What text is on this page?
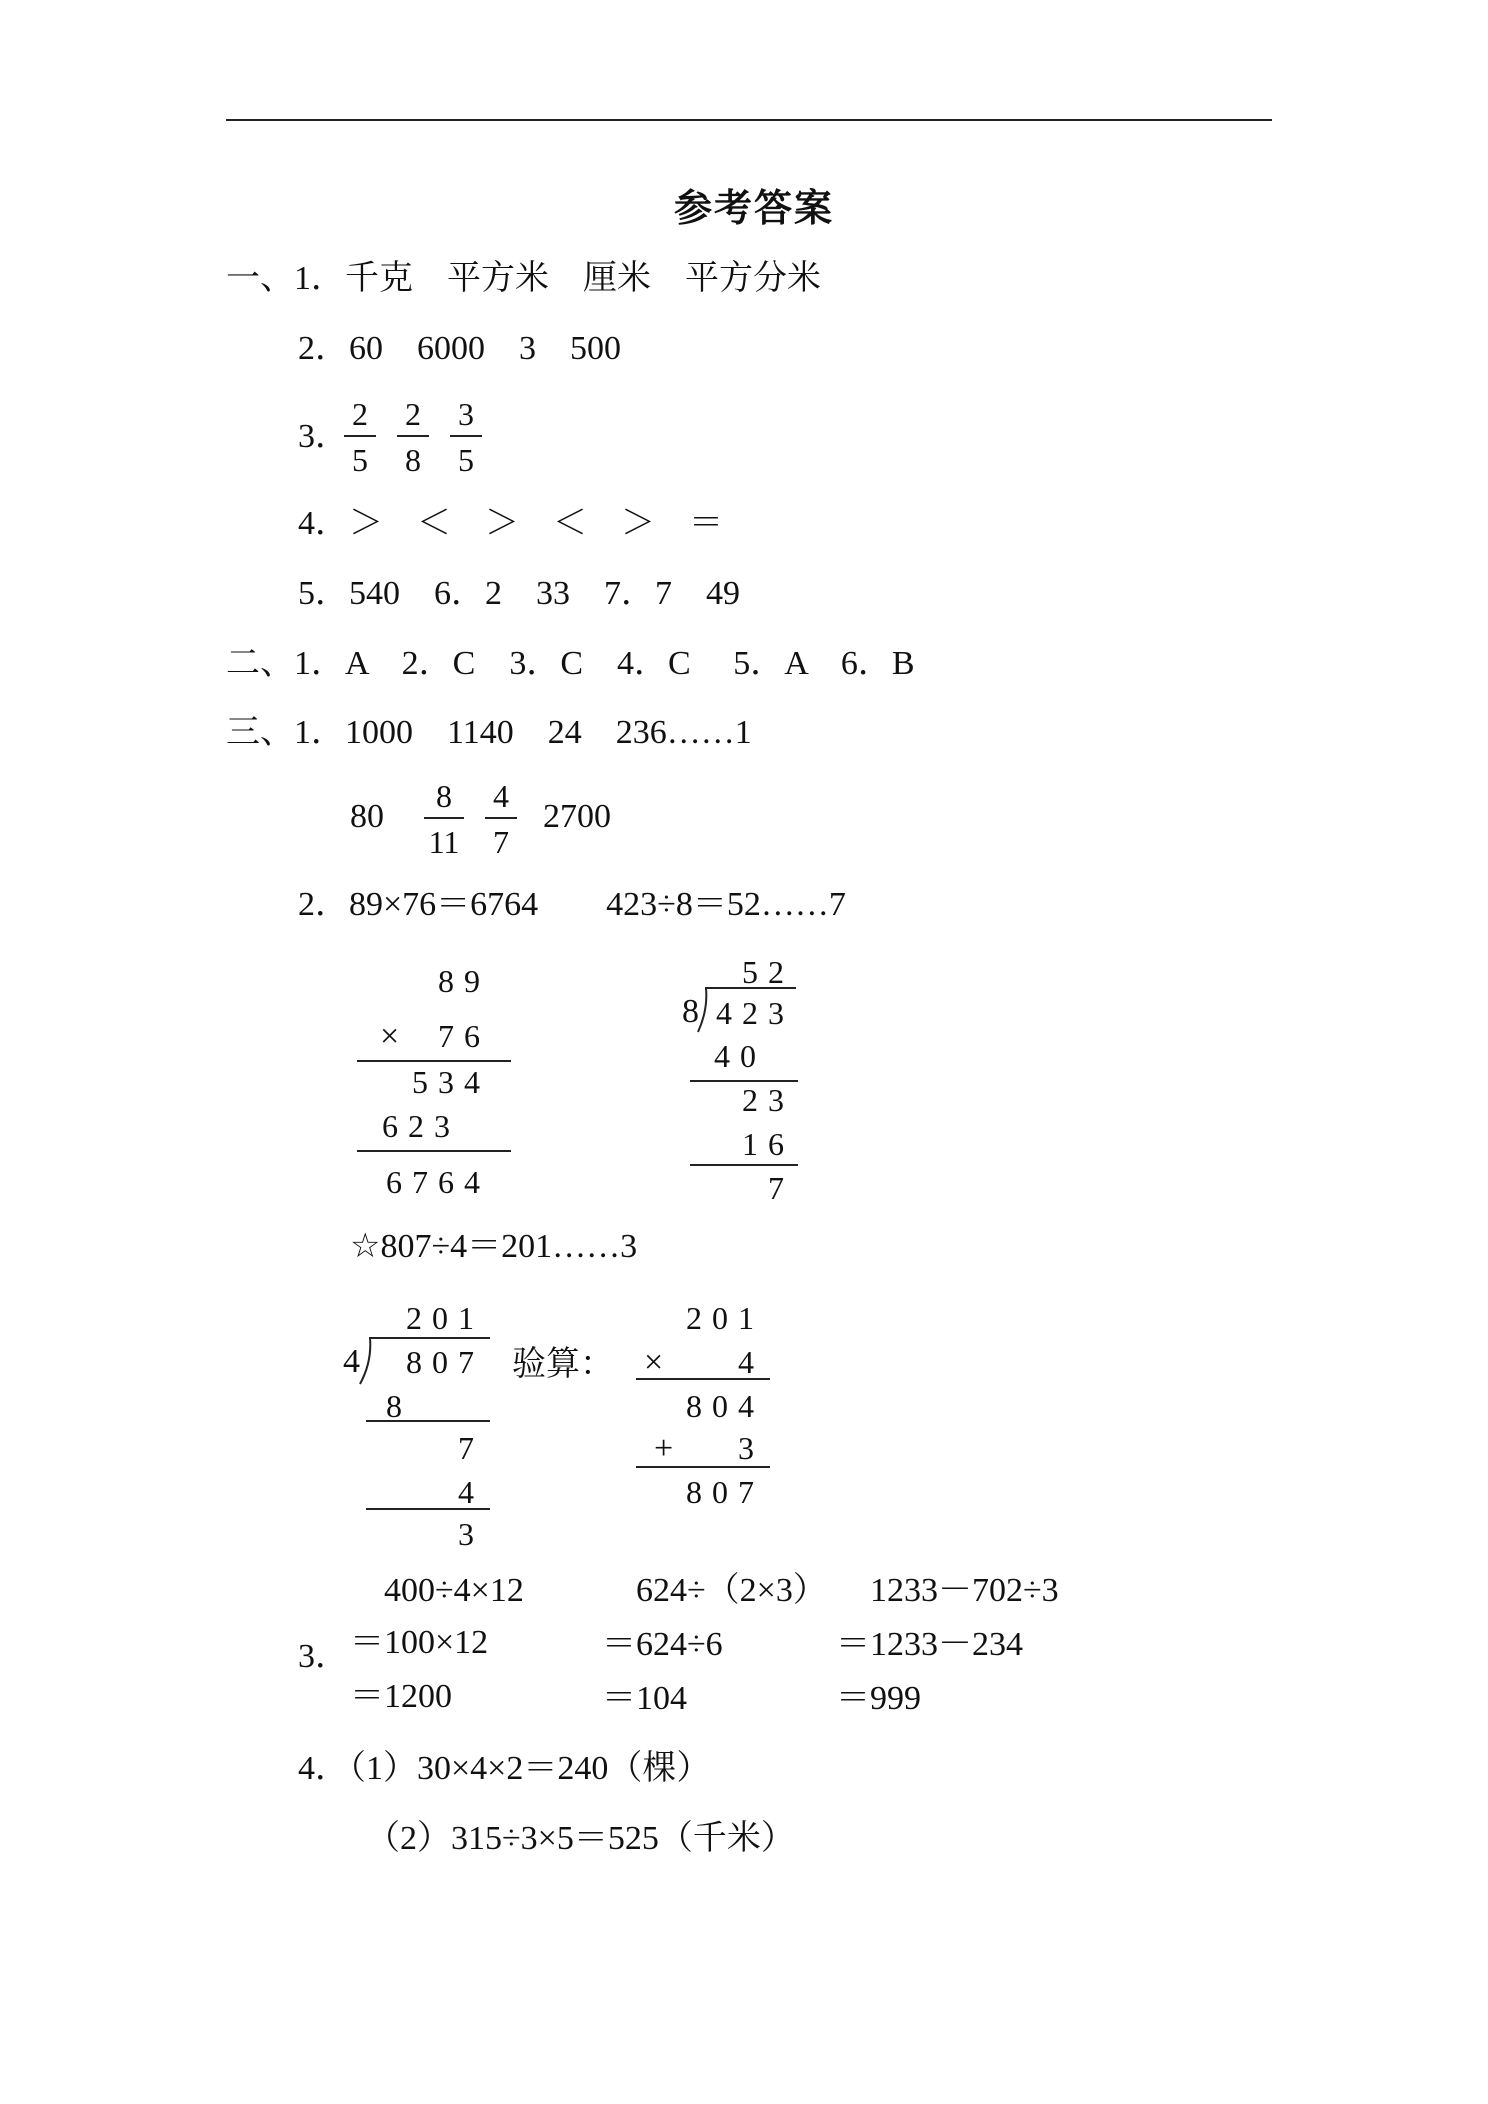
参考答案
一、1．千克　平方米　厘米　平方分米
2．60　6000　3　500
3．
2
5
2
8
3
5
4．＞　＜　＞　＜　＞　＝
5．540　6．2　33　7．7　49
二、1．A　2．C　3．C　4．C　 5．A　6．B
三、1．1000　1140　24　236……1
80
8
11
4
7
2700
2．89×76＝6764　　423÷8＝52……7
89
×	76
534
623
6764
52
8 423
40
23
16
7
☆807÷4＝201……3
201
4	807
8
7
4
3
验算：
201
×	4
804
+	3
807
3．
400÷4×12
＝100×12
＝1200
624÷（2×3）
＝624÷6
＝104
1233－702÷3
＝1233－234
＝999
4．（1）30×4×2＝240（棵）
（2）315÷3×5＝525（千米）
